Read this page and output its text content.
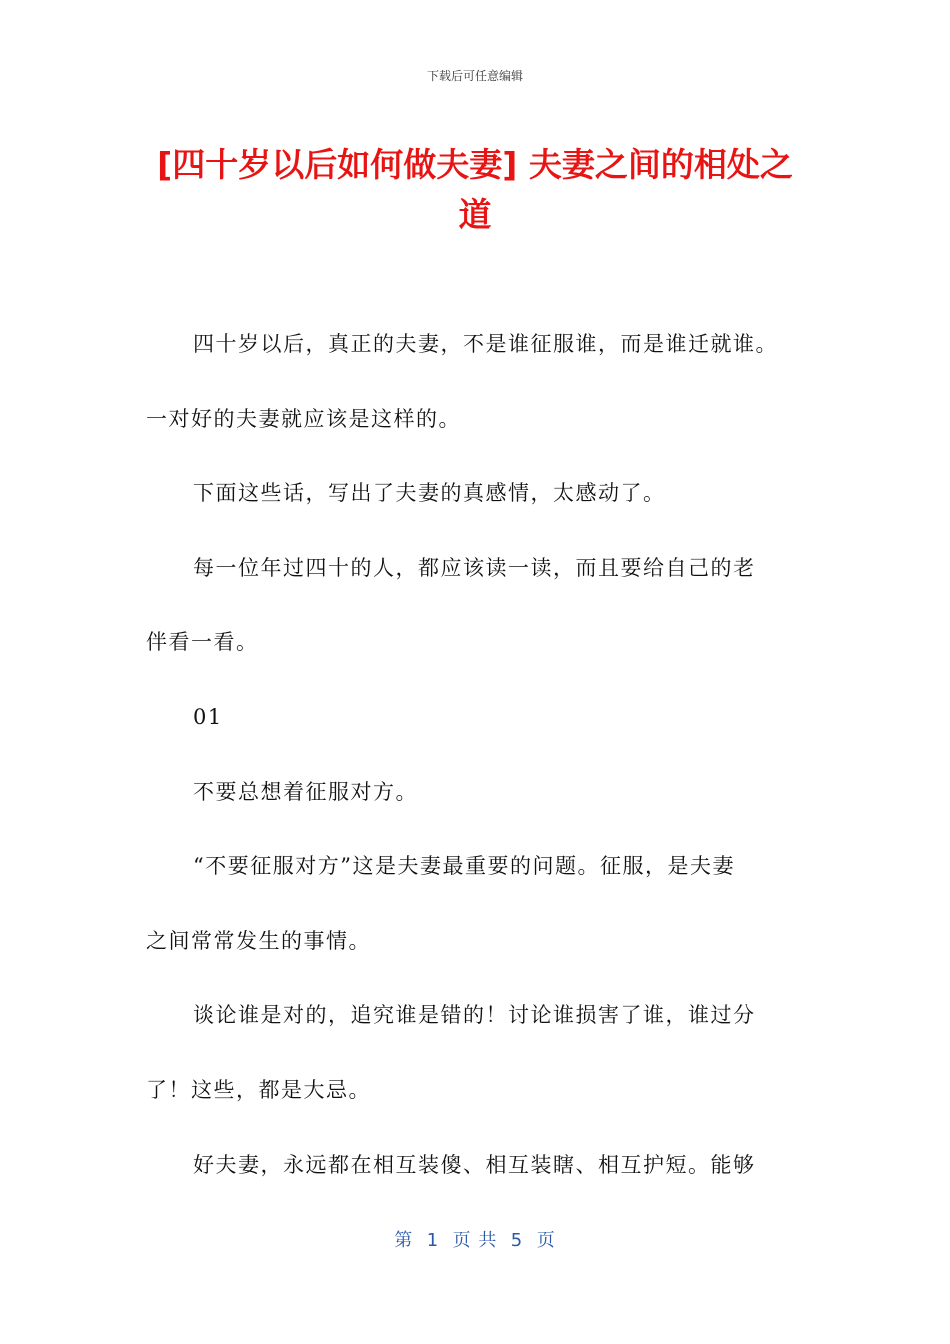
下载后可任意编辑
[四十岁以后如何做夫妻] 夫妻之间的相处之
道
四十岁以后，真正的夫妻，不是谁征服谁，而是谁迁就谁。
一对好的夫妻就应该是这样的。
下面这些话，写出了夫妻的真感情，太感动了。
每一位年过四十的人，都应该读一读，而且要给自己的老
伴看一看。
01
不要总想着征服对方。
“不要征服对方”这是夫妻最重要的问题。征服，是夫妻
之间常常发生的事情。
谈论谁是对的，追究谁是错的！讨论谁损害了谁，谁过分
了！这些，都是大忌。
好夫妻，永远都在相互装傻、相互装瞎、相互护短。能够
第  1  页 共  5  页
